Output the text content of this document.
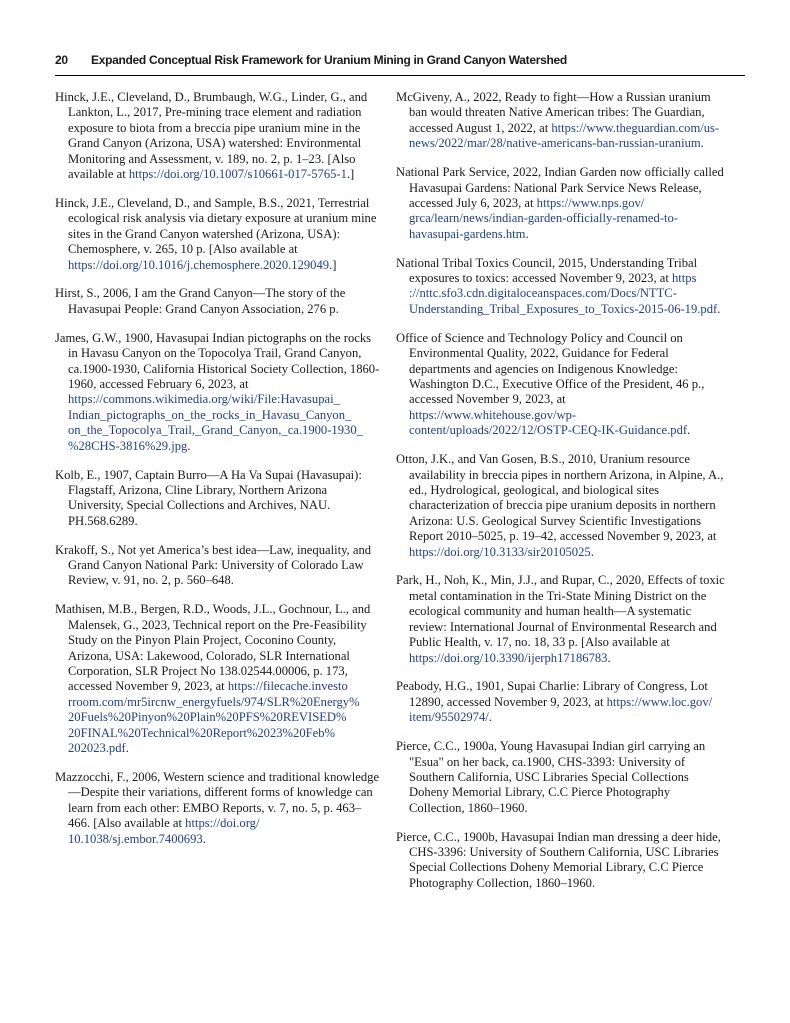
20 Expanded Conceptual Risk Framework for Uranium Mining in Grand Canyon Watershed

Hinck, J.E., Cleveland, D., Brumbaugh, W.G., Linder, G., and Lankton, L., 2017, Pre-mining trace element and radiation exposure to biota from a breccia pipe uranium mine in the Grand Canyon (Arizona, USA) watershed: Environmental Monitoring and Assessment, v. 189, no. 2, p. 1–23. [Also available at https://doi.org/10.1007/s10661-017-5765-1.]

Hinck, J.E., Cleveland, D., and Sample, B.S., 2021, Terrestrial ecological risk analysis via dietary exposure at uranium mine sites in the Grand Canyon watershed (Arizona, USA): Chemosphere, v. 265, 10 p. [Also available at https://doi.org/10.1016/j.chemosphere.2020.129049.]

Hirst, S., 2006, I am the Grand Canyon—The story of the Havasupai People: Grand Canyon Association, 276 p.

James, G.W., 1900, Havasupai Indian pictographs on the rocks in Havasu Canyon on the Topocolya Trail, Grand Canyon, ca.1900-1930, California Historical Society Collection, 1860-1960, accessed February 6, 2023, at https://commons.wikimedia.org/wiki/File:Havasupai_ Indian_pictographs_on_the_rocks_in_Havasu_Canyon_ on_the_Topocolya_Trail,_Grand_Canyon,_ca.1900-1930_ %28CHS-3816%29.jpg.

Kolb, E., 1907, Captain Burro—A Ha Va Supai (Havasupai): Flagstaff, Arizona, Cline Library, Northern Arizona University, Special Collections and Archives, NAU. PH.568.6289.

Krakoff, S., Not yet America’s best idea—Law, inequality, and Grand Canyon National Park: University of Colorado Law Review, v. 91, no. 2, p. 560–648.

Mathisen, M.B., Bergen, R.D., Woods, J.L., Gochnour, L., and Malensek, G., 2023, Technical report on the Pre-Feasibility Study on the Pinyon Plain Project, Coconino County, Arizona, USA: Lakewood, Colorado, SLR International Corporation, SLR Project No 138.02544.00006, p. 173, accessed November 9, 2023, at https://filecache.investo rroom.com/mr5ircnw_energyfuels/974/SLR%20Energy% 20Fuels%20Pinyon%20Plain%20PFS%20REVISED% 20FINAL%20Technical%20Report%2023%20Feb% 202023.pdf.

Mazzocchi, F., 2006, Western science and traditional knowledge—Despite their variations, different forms of knowledge can learn from each other: EMBO Reports, v. 7, no. 5, p. 463–466. [Also available at https://doi.org/ 10.1038/sj.embor.7400693.

McGiveny, A., 2022, Ready to fight—How a Russian uranium ban would threaten Native American tribes: The Guardian, accessed August 1, 2022, at https://www.theguardian.com/us-news/2022/mar/28/native-americans-ban-russian-uranium.

National Park Service, 2022, Indian Garden now officially called Havasupai Gardens: National Park Service News Release, accessed July 6, 2023, at https://www.nps.gov/ grca/learn/news/indian-garden-officially-renamed-to-havasupai-gardens.htm.

National Tribal Toxics Council, 2015, Understanding Tribal exposures to toxics: accessed November 9, 2023, at https ://nttc.sfo3.cdn.digitaloceanspaces.com/Docs/NTTC-Understanding_Tribal_Exposures_to_Toxics-2015-06-19.pdf.

Office of Science and Technology Policy and Council on Environmental Quality, 2022, Guidance for Federal departments and agencies on Indigenous Knowledge: Washington D.C., Executive Office of the President, 46 p., accessed November 9, 2023, at https://www.whitehouse.gov/wp-content/uploads/2022/12/OSTP-CEQ-IK-Guidance.pdf.

Otton, J.K., and Van Gosen, B.S., 2010, Uranium resource availability in breccia pipes in northern Arizona, in Alpine, A., ed., Hydrological, geological, and biological sites characterization of breccia pipe uranium deposits in northern Arizona: U.S. Geological Survey Scientific Investigations Report 2010–5025, p. 19–42, accessed November 9, 2023, at https://doi.org/10.3133/sir20105025.

Park, H., Noh, K., Min, J.J., and Rupar, C., 2020, Effects of toxic metal contamination in the Tri-State Mining District on the ecological community and human health—A systematic review: International Journal of Environmental Research and Public Health, v. 17, no. 18, 33 p. [Also available at https://doi.org/10.3390/ijerph17186783.

Peabody, H.G., 1901, Supai Charlie: Library of Congress, Lot 12890, accessed November 9, 2023, at https://www.loc.gov/ item/95502974/.

Pierce, C.C., 1900a, Young Havasupai Indian girl carrying an "Esua" on her back, ca.1900, CHS-3393: University of Southern California, USC Libraries Special Collections Doheny Memorial Library, C.C Pierce Photography Collection, 1860–1960.

Pierce, C.C., 1900b, Havasupai Indian man dressing a deer hide, CHS-3396: University of Southern California, USC Libraries Special Collections Doheny Memorial Library, C.C Pierce Photography Collection, 1860–1960.
